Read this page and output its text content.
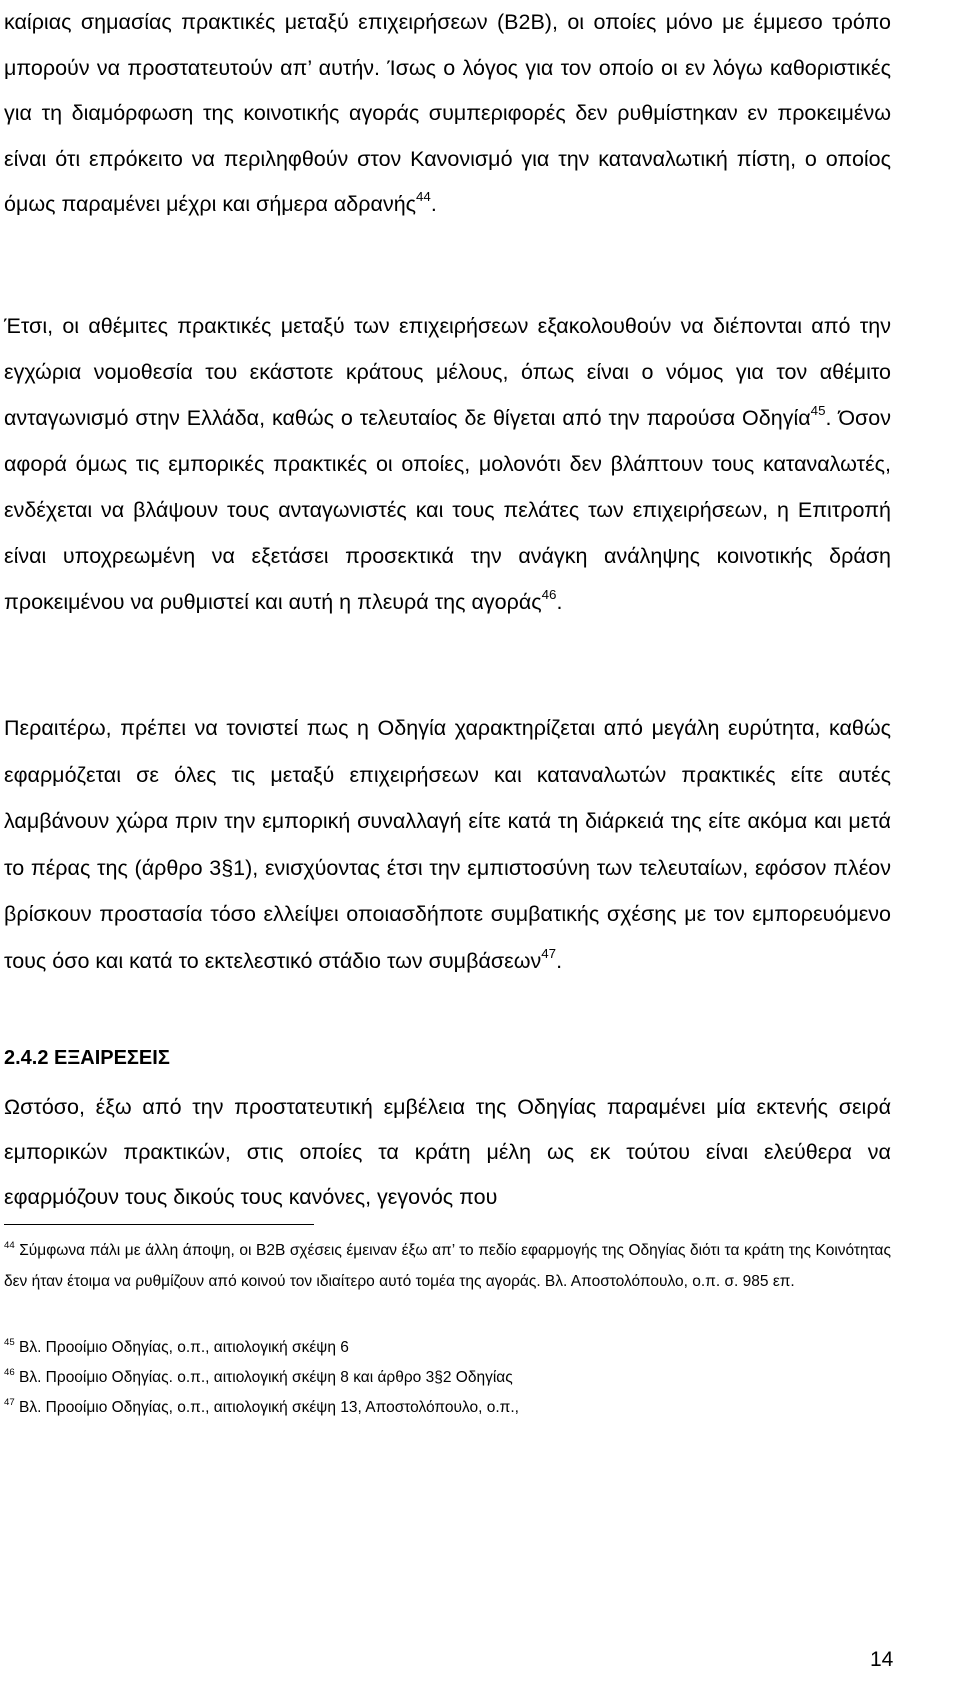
καίριας σημασίας πρακτικές μεταξύ επιχειρήσεων (Β2Β), οι οποίες μόνο με έμμεσο τρόπο μπορούν να προστατευτούν απ’ αυτήν. Ίσως ο λόγος για τον οποίο οι εν λόγω καθοριστικές για τη διαμόρφωση της κοινοτικής αγοράς συμπεριφορές δεν ρυθμίστηκαν εν προκειμένω είναι ότι επρόκειτο να περιληφθούν στον Κανονισμό για την καταναλωτική πίστη, ο οποίος όμως παραμένει μέχρι και σήμερα αδρανής$^{44}$.

Έτσι, οι αθέμιτες πρακτικές μεταξύ των επιχειρήσεων εξακολουθούν να διέπονται από την εγχώρια νομοθεσία του εκάστοτε κράτους μέλους, όπως είναι ο νόμος για τον αθέμιτο ανταγωνισμό στην Ελλάδα, καθώς ο τελευταίος δε θίγεται από την παρούσα Οδηγία$^{45}$. Όσον αφορά όμως τις εμπορικές πρακτικές οι οποίες, μολονότι δεν βλάπτουν τους καταναλωτές, ενδέχεται να βλάψουν τους ανταγωνιστές και τους πελάτες των επιχειρήσεων, η Επιτροπή είναι υποχρεωμένη να εξετάσει προσεκτικά την ανάγκη ανάληψης κοινοτικής δράση προκειμένου να ρυθμιστεί και αυτή η πλευρά της αγοράς$^{46}$.

Περαιτέρω, πρέπει να τονιστεί πως η Οδηγία χαρακτηρίζεται από μεγάλη ευρύτητα, καθώς εφαρμόζεται σε όλες τις μεταξύ επιχειρήσεων και καταναλωτών πρακτικές είτε αυτές λαμβάνουν χώρα πριν την εμπορική συναλλαγή είτε κατά τη διάρκειά της είτε ακόμα και μετά το πέρας της (άρθρο 3§1), ενισχύοντας έτσι την εμπιστοσύνη των τελευταίων, εφόσον πλέον βρίσκουν προστασία τόσο ελλείψει οποιασδήποτε συμβατικής σχέσης με τον εμπορευόμενο τους όσο και κατά το εκτελεστικό στάδιο των συμβάσεων$^{47}$.

2.4.2 ΕΞΑΙΡΕΣΕΙΣ

Ωστόσο, έξω από την προστατευτική εμβέλεια της Οδηγίας παραμένει μία εκτενής σειρά εμπορικών πρακτικών, στις οποίες τα κράτη μέλη ως εκ τούτου είναι ελεύθερα να εφαρμόζουν τους δικούς τους κανόνες, γεγονός που

$^{44}$ Σύμφωνα πάλι με άλλη άποψη, οι Β2Β σχέσεις έμειναν έξω απ’ το πεδίο εφαρμογής της Οδηγίας διότι τα κράτη της Κοινότητας δεν ήταν έτοιμα να ρυθμίζουν από κοινού τον ιδιαίτερο αυτό τομέα της αγοράς. Βλ. Αποστολόπουλο, ο.π. σ. 985 επ.

$^{45}$ Βλ. Προοίμιο Οδηγίας, ο.π., αιτιολογική σκέψη 6

$^{46}$ Βλ. Προοίμιο Οδηγίας. ο.π., αιτιολογική σκέψη 8 και άρθρο 3§2 Οδηγίας

$^{47}$ Βλ. Προοίμιο Οδηγίας, ο.π., αιτιολογική σκέψη 13, Αποστολόπουλο, ο.π.,

14
